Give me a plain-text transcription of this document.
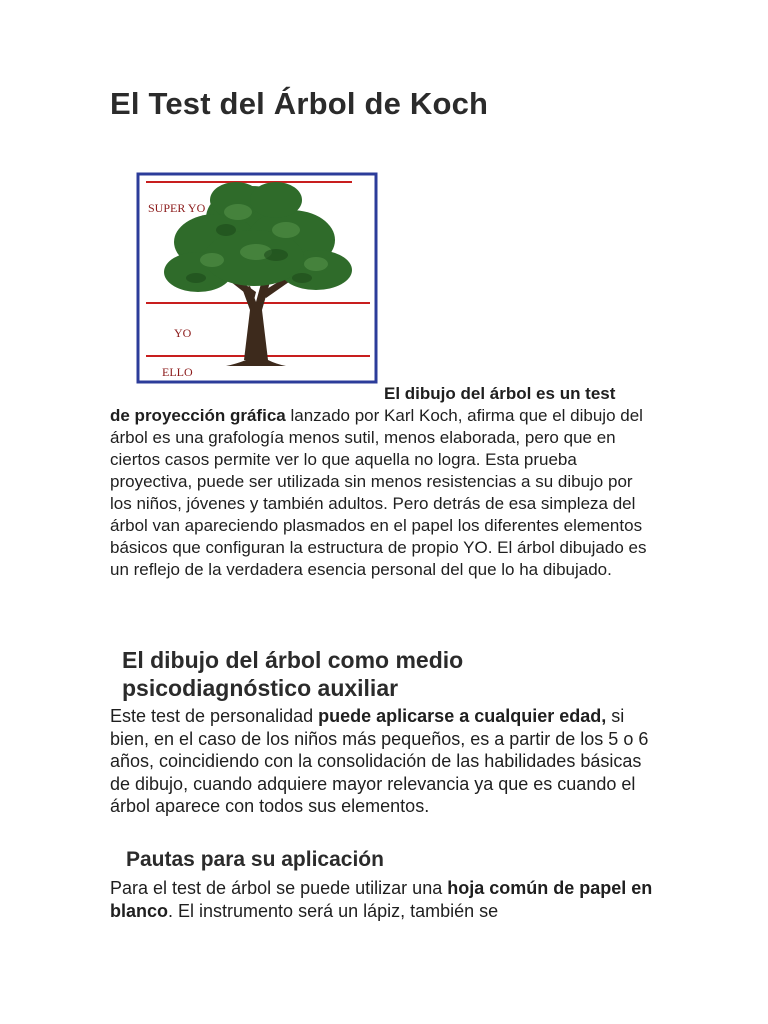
El Test del Árbol de Koch
SUPER YO
YO
ELLO
El dibujo del árbol es un test

de proyección gráfica lanzado por Karl Koch, afirma que el dibujo del árbol es una grafología menos sutil, menos elaborada, pero que en ciertos casos permite ver lo que aquella no logra. Esta prueba proyectiva, puede ser utilizada sin menos resistencias a su dibujo por los niños, jóvenes y también adultos. Pero detrás de esa simpleza del árbol van apareciendo plasmados en el papel los diferentes elementos básicos que configuran la estructura de propio YO. El árbol dibujado es un reflejo de la verdadera esencia personal del que lo ha dibujado.

El dibujo del árbol como medio psicodiagnóstico auxiliar

Este test de personalidad puede aplicarse a cualquier edad, si bien, en el caso de los niños más pequeños, es a partir de los 5 o 6 años, coincidiendo con la consolidación de las habilidades básicas de dibujo, cuando adquiere mayor relevancia ya que es cuando el árbol aparece con todos sus elementos.

Pautas para su aplicación

Para el test de árbol se puede utilizar una hoja común de papel en blanco. El instrumento será un lápiz, también se
